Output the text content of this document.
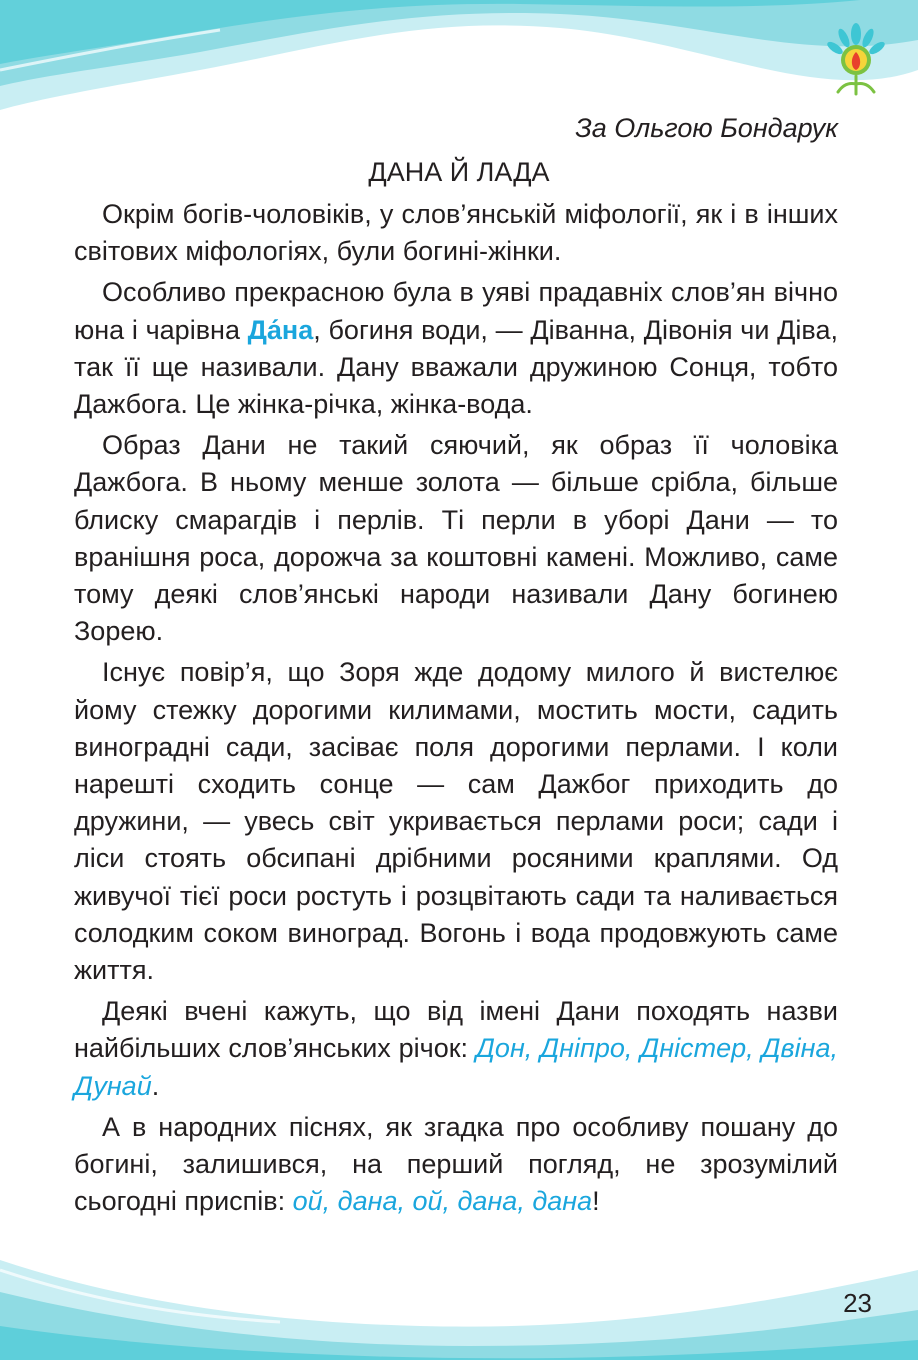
За Ольгою Бондарук
ДАНА Й ЛАДА

Окрім богів-чоловіків, у слов’янській міфології, як і в інших світових міфологіях, були богині-жінки.

Особливо прекрасною була в уяві прадавніх слов’ян вічно юна і чарівна Да́на, богиня води, — Діванна, Дівонія чи Діва, так її ще називали. Дану вважали дружиною Сонця, тобто Дажбога. Це жінка-річка, жінка-вода.

Образ Дани не такий сяючий, як образ її чоловіка Дажбога. В ньому менше золота — більше срібла, більше блиску смарагдів і перлів. Ті перли в уборі Дани — то вранішня роса, дорожча за коштовні камені. Можливо, саме тому деякі слов’янські народи називали Дану богинею Зорею.

Існує повір’я, що Зоря жде додому милого й вистелює йому стежку дорогими килимами, мостить мости, садить виноградні сади, засіває поля дорогими перлами. І коли нарешті сходить сонце — сам Дажбог приходить до дружини, — увесь світ укривається перлами роси; сади і ліси стоять обсипані дрібними росяними краплями. Од живучої тієї роси ростуть і розцвітають сади та наливається солодким соком виноград. Вогонь і вода продовжують саме життя.

Деякі вчені кажуть, що від імені Дани походять назви найбільших слов’янських річок: Дон, Дніпро, Дністер, Двіна, Дунай.

А в народних піснях, як згадка про особливу пошану до богині, залишився, на перший погляд, не зрозумілий сьогодні приспів: ой, дана, ой, дана, дана!

23
